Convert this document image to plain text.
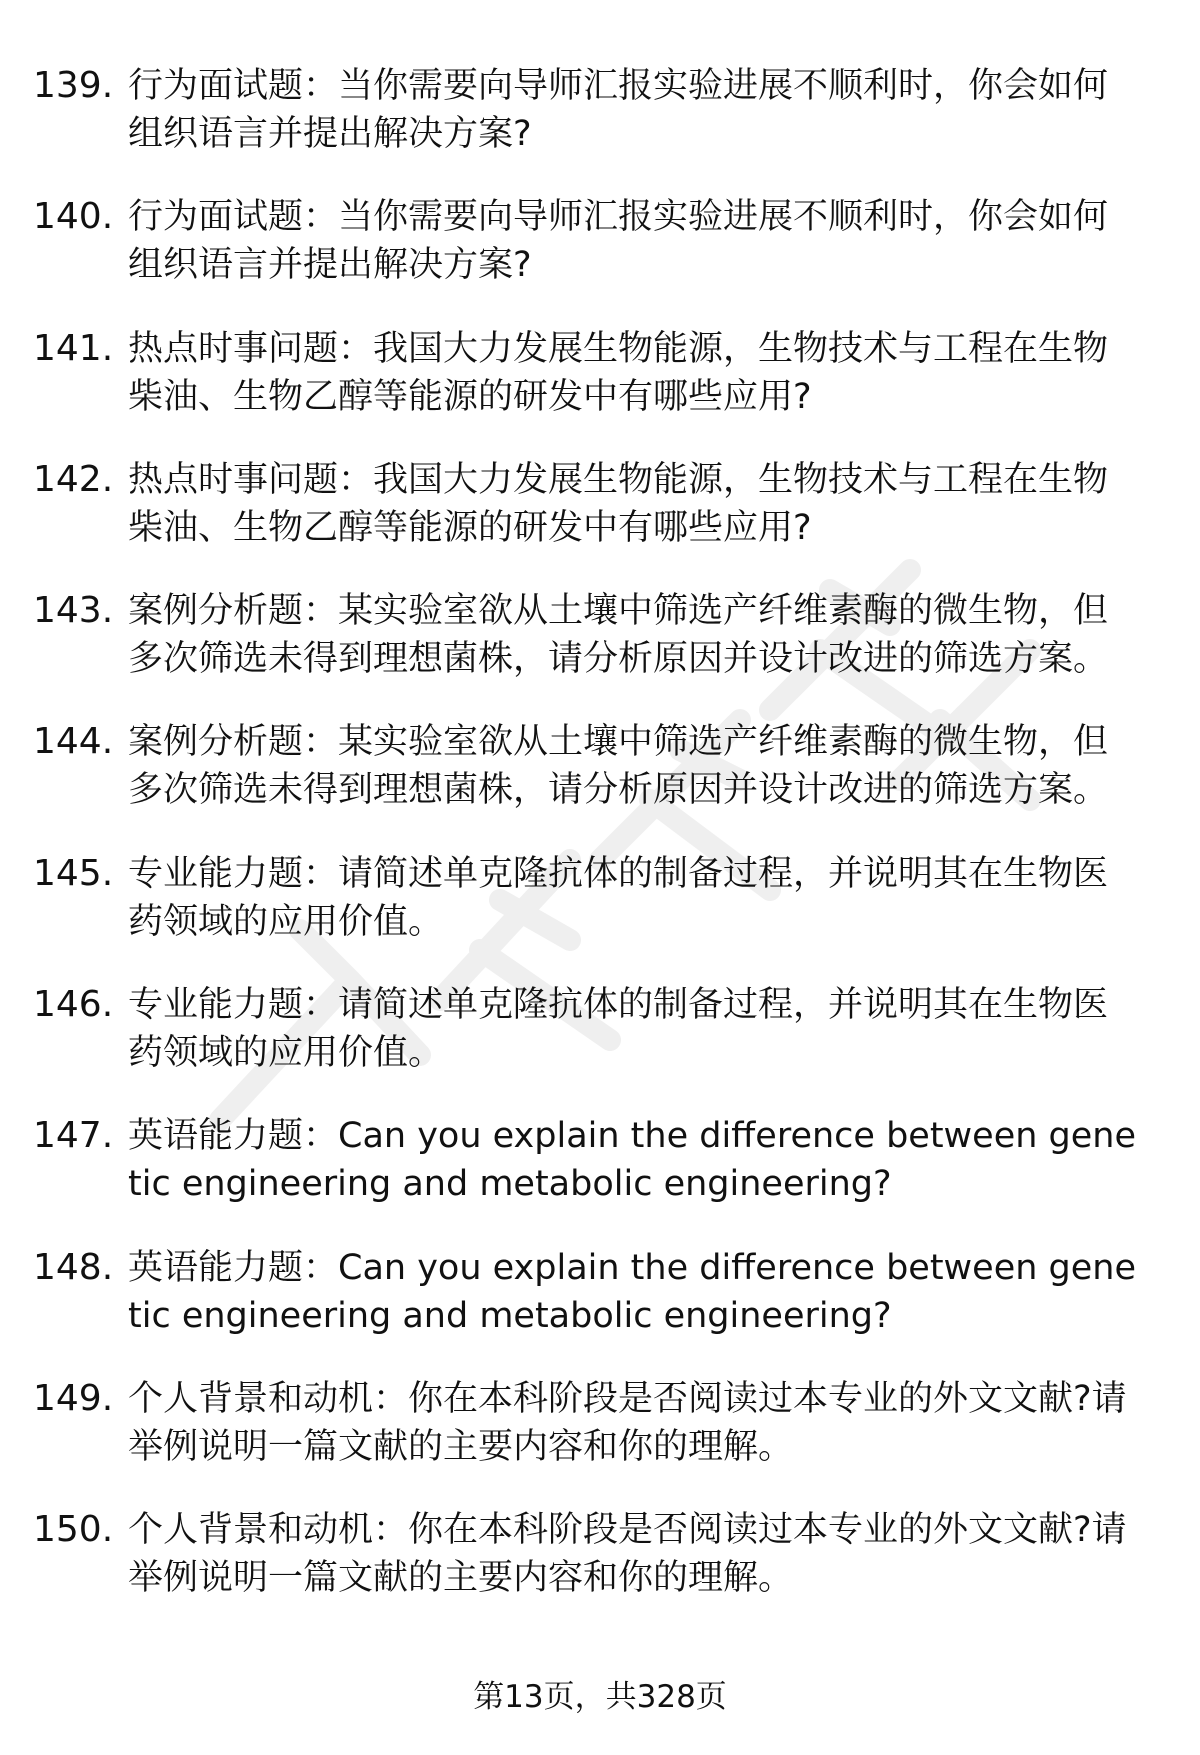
139. 行为面试题：当你需要向导师汇报实验进展不顺利时，你会如何组织语言并提出解决方案?
140. 行为面试题：当你需要向导师汇报实验进展不顺利时，你会如何组织语言并提出解决方案?
141. 热点时事问题：我国大力发展生物能源，生物技术与工程在生物柴油、生物乙醇等能源的研发中有哪些应用?
142. 热点时事问题：我国大力发展生物能源，生物技术与工程在生物柴油、生物乙醇等能源的研发中有哪些应用?
143. 案例分析题：某实验室欲从土壤中筛选产纤维素酶的微生物，但多次筛选未得到理想菌株，请分析原因并设计改进的筛选方案。
144. 案例分析题：某实验室欲从土壤中筛选产纤维素酶的微生物，但多次筛选未得到理想菌株，请分析原因并设计改进的筛选方案。
145. 专业能力题：请简述单克隆抗体的制备过程，并说明其在生物医药领域的应用价值。
146. 专业能力题：请简述单克隆抗体的制备过程，并说明其在生物医药领域的应用价值。
147. 英语能力题：Can you explain the difference between genetic engineering and metabolic engineering?
148. 英语能力题：Can you explain the difference between genetic engineering and metabolic engineering?
149. 个人背景和动机：你在本科阶段是否阅读过本专业的外文文献?请举例说明一篇文献的主要内容和你的理解。
150. 个人背景和动机：你在本科阶段是否阅读过本专业的外文文献?请举例说明一篇文献的主要内容和你的理解。
第13页，共328页
